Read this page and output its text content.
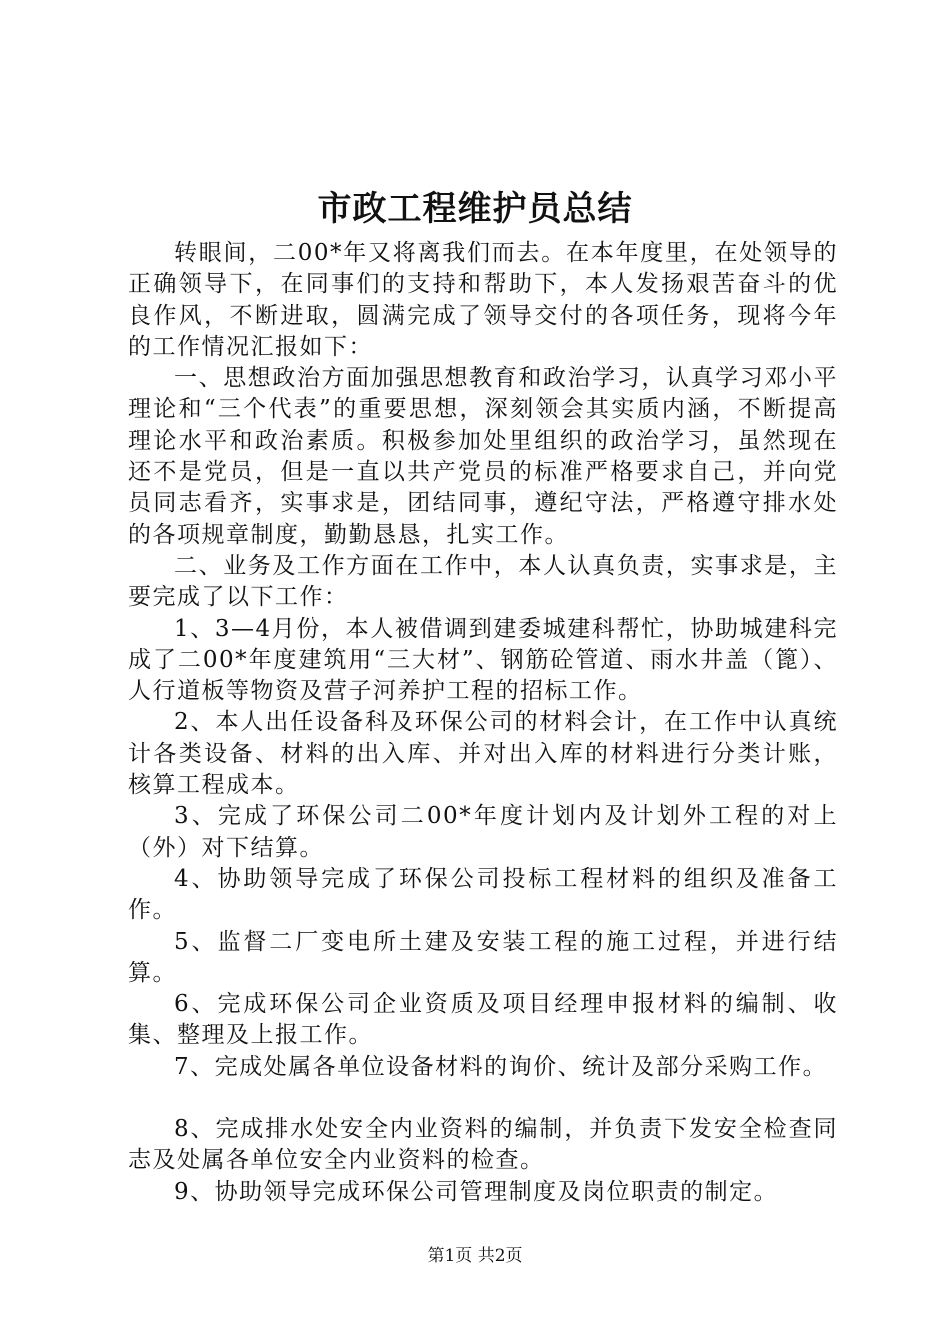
市政工程维护员总结

转眼间，二00*年又将离我们而去。在本年度里，在处领导的正确领导下，在同事们的支持和帮助下，本人发扬艰苦奋斗的优良作风，不断进取，圆满完成了领导交付的各项任务，现将今年的工作情况汇报如下：

一、思想政治方面加强思想教育和政治学习，认真学习邓小平理论和“三个代表”的重要思想，深刻领会其实质内涵，不断提高理论水平和政治素质。积极参加处里组织的政治学习，虽然现在还不是党员，但是一直以共产党员的标准严格要求自己，并向党员同志看齐，实事求是，团结同事，遵纪守法，严格遵守排水处的各项规章制度，勤勤恳恳，扎实工作。

二、业务及工作方面在工作中，本人认真负责，实事求是，主要完成了以下工作：

1、3—4月份，本人被借调到建委城建科帮忙，协助城建科完成了二00*年度建筑用“三大材”、钢筋砼管道、雨水井盖（篦）、人行道板等物资及营子河养护工程的招标工作。

2、本人出任设备科及环保公司的材料会计，在工作中认真统计各类设备、材料的出入库、并对出入库的材料进行分类计账，核算工程成本。

3、完成了环保公司二00*年度计划内及计划外工程的对上（外）对下结算。

4、协助领导完成了环保公司投标工程材料的组织及准备工作。

5、监督二厂变电所土建及安装工程的施工过程，并进行结算。

6、完成环保公司企业资质及项目经理申报材料的编制、收集、整理及上报工作。

7、完成处属各单位设备材料的询价、统计及部分采购工作。

8、完成排水处安全内业资料的编制，并负责下发安全检查同志及处属各单位安全内业资料的检查。

9、协助领导完成环保公司管理制度及岗位职责的制定。

第1页 共2页
